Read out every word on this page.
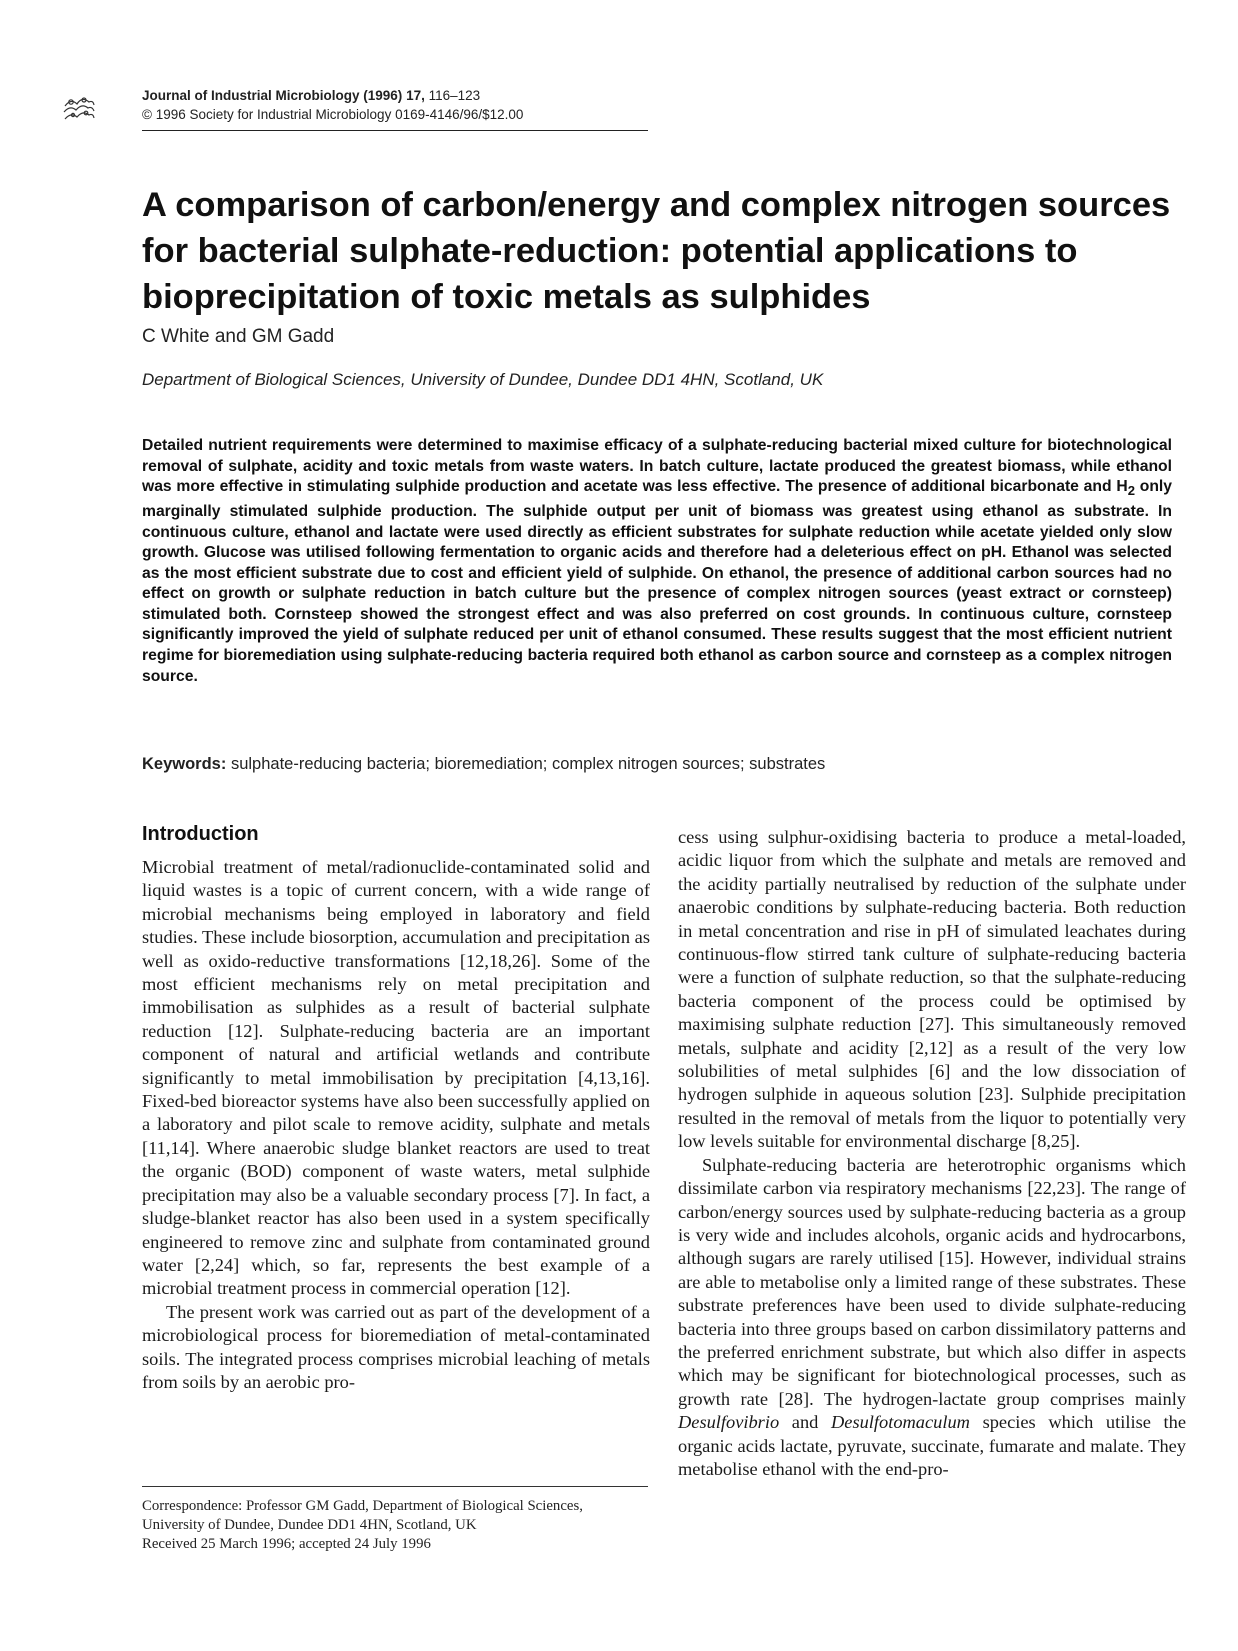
Journal of Industrial Microbiology (1996) 17, 116–123
© 1996 Society for Industrial Microbiology 0169-4146/96/$12.00
A comparison of carbon/energy and complex nitrogen sources for bacterial sulphate-reduction: potential applications to bioprecipitation of toxic metals as sulphides
C White and GM Gadd
Department of Biological Sciences, University of Dundee, Dundee DD1 4HN, Scotland, UK

Detailed nutrient requirements were determined to maximise efficacy of a sulphate-reducing bacterial mixed culture for biotechnological removal of sulphate, acidity and toxic metals from waste waters. In batch culture, lactate produced the greatest biomass, while ethanol was more effective in stimulating sulphide production and acetate was less effective. The presence of additional bicarbonate and $H_2$ only marginally stimulated sulphide production. The sulphide output per unit of biomass was greatest using ethanol as substrate. In continuous culture, ethanol and lactate were used directly as efficient substrates for sulphate reduction while acetate yielded only slow growth. Glucose was utilised following fermentation to organic acids and therefore had a deleterious effect on pH. Ethanol was selected as the most efficient substrate due to cost and efficient yield of sulphide. On ethanol, the presence of additional carbon sources had no effect on growth or sulphate reduction in batch culture but the presence of complex nitrogen sources (yeast extract or cornsteep) stimulated both. Cornsteep showed the strongest effect and was also preferred on cost grounds. In continuous culture, cornsteep significantly improved the yield of sulphate reduced per unit of ethanol consumed. These results suggest that the most efficient nutrient regime for bioremediation using sulphate-reducing bacteria required both ethanol as carbon source and cornsteep as a complex nitrogen source.

Keywords: sulphate-reducing bacteria; bioremediation; complex nitrogen sources; substrates
Introduction

Microbial treatment of metal/radionuclide-contaminated solid and liquid wastes is a topic of current concern, with a wide range of microbial mechanisms being employed in laboratory and field studies. These include biosorption, accumulation and precipitation as well as oxido-reductive transformations [12,18,26]. Some of the most efficient mechanisms rely on metal precipitation and immobilisation as sulphides as a result of bacterial sulphate reduction [12]. Sulphate-reducing bacteria are an important component of natural and artificial wetlands and contribute significantly to metal immobilisation by precipitation [4,13,16]. Fixed-bed bioreactor systems have also been successfully applied on a laboratory and pilot scale to remove acidity, sulphate and metals [11,14]. Where anaerobic sludge blanket reactors are used to treat the organic (BOD) component of waste waters, metal sulphide precipitation may also be a valuable secondary process [7]. In fact, a sludge-blanket reactor has also been used in a system specifically engineered to remove zinc and sulphate from contaminated ground water [2,24] which, so far, represents the best example of a microbial treatment process in commercial operation [12].

The present work was carried out as part of the development of a microbiological process for bioremediation of metal-contaminated soils. The integrated process comprises microbial leaching of metals from soils by an aerobic pro-

cess using sulphur-oxidising bacteria to produce a metal-loaded, acidic liquor from which the sulphate and metals are removed and the acidity partially neutralised by reduction of the sulphate under anaerobic conditions by sulphate-reducing bacteria. Both reduction in metal concentration and rise in pH of simulated leachates during continuous-flow stirred tank culture of sulphate-reducing bacteria were a function of sulphate reduction, so that the sulphate-reducing bacteria component of the process could be optimised by maximising sulphate reduction [27]. This simultaneously removed metals, sulphate and acidity [2,12] as a result of the very low solubilities of metal sulphides [6] and the low dissociation of hydrogen sulphide in aqueous solution [23]. Sulphide precipitation resulted in the removal of metals from the liquor to potentially very low levels suitable for environmental discharge [8,25].

Sulphate-reducing bacteria are heterotrophic organisms which dissimilate carbon via respiratory mechanisms [22,23]. The range of carbon/energy sources used by sulphate-reducing bacteria as a group is very wide and includes alcohols, organic acids and hydrocarbons, although sugars are rarely utilised [15]. However, individual strains are able to metabolise only a limited range of these substrates. These substrate preferences have been used to divide sulphate-reducing bacteria into three groups based on carbon dissimilatory patterns and the preferred enrichment substrate, but which also differ in aspects which may be significant for biotechnological processes, such as growth rate [28]. The hydrogen-lactate group comprises mainly Desulfovibrio and Desulfotomaculum species which utilise the organic acids lactate, pyruvate, succinate, fumarate and malate. They metabolise ethanol with the end-pro-

Correspondence: Professor GM Gadd, Department of Biological Sciences,
University of Dundee, Dundee DD1 4HN, Scotland, UK
Received 25 March 1996; accepted 24 July 1996
